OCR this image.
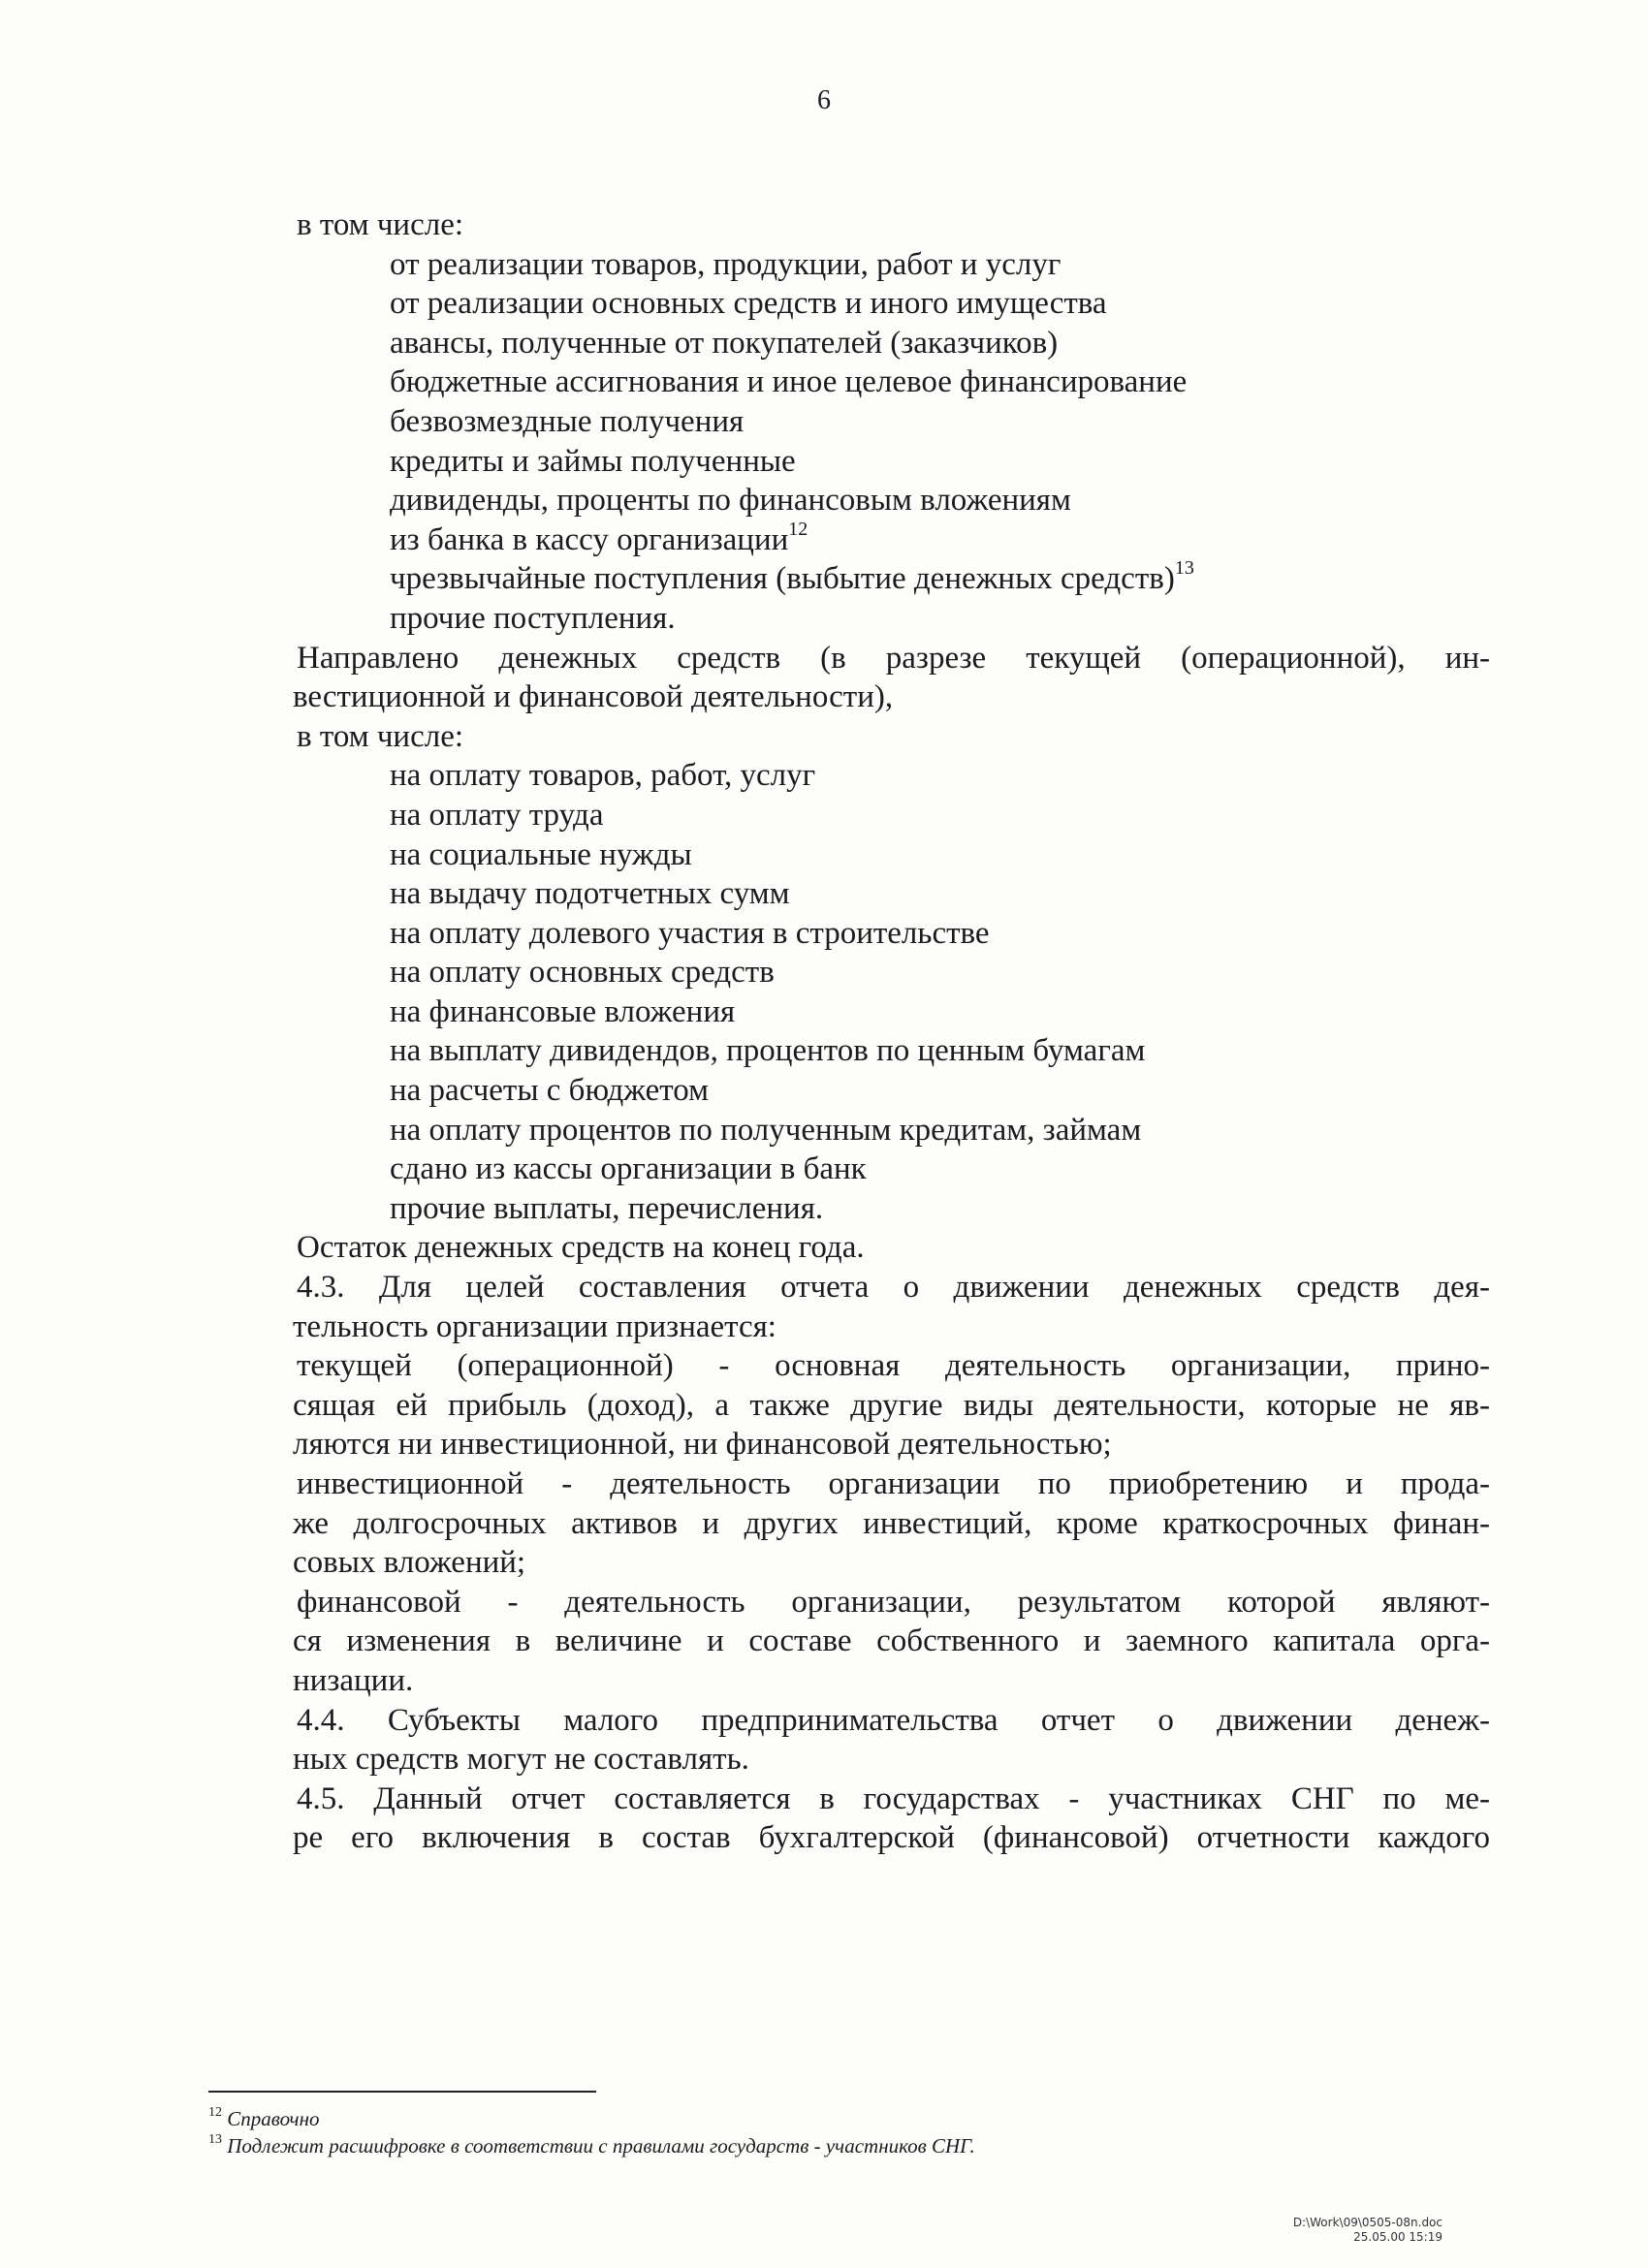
6
в том числе:
от реализации товаров, продукции, работ и услуг
от реализации основных средств и иного имущества
авансы, полученные от покупателей (заказчиков)
бюджетные ассигнования и иное целевое финансирование
безвозмездные получения
кредиты и займы полученные
дивиденды, проценты по финансовым вложениям
из банка в кассу организации$^{12}$
чрезвычайные поступления (выбытие денежных средств)$^{13}$
прочие поступления.
Направлено денежных средств (в разрезе текущей (операционной), ин-
вестиционной и финансовой деятельности),
в том числе:
на оплату товаров, работ, услуг
на оплату труда
на социальные нужды
на выдачу подотчетных сумм
на оплату долевого участия в строительстве
на оплату основных средств
на финансовые вложения
на выплату дивидендов, процентов по ценным бумагам
на расчеты с бюджетом
на оплату процентов по полученным кредитам, займам
сдано из кассы организации в банк
прочие выплаты, перечисления.
Остаток денежных средств на конец года.
4.3. Для целей составления отчета о движении денежных средств дея-
тельность организации признается:
текущей (операционной) - основная деятельность организации, прино-
сящая ей прибыль (доход), а также другие виды деятельности, которые не яв-
ляются ни инвестиционной, ни финансовой деятельностью;
инвестиционной - деятельность организации по приобретению и прода-
же долгосрочных активов и других инвестиций, кроме краткосрочных финан-
совых вложений;
финансовой - деятельность организации, результатом которой являют-
ся изменения в величине и составе собственного и заемного капитала орга-
низации.
4.4. Субъекты малого предпринимательства отчет о движении денеж-
ных средств могут не составлять.
4.5. Данный отчет составляется в государствах - участниках СНГ по ме-
ре его включения в состав бухгалтерской (финансовой) отчетности каждого
$^{12}$ Справочно
$^{13}$ Подлежит расшифровке в соответствии с правилами государств - участников СНГ.
D:\Work\09\0505-08n.doc
25.05.00 15:19
